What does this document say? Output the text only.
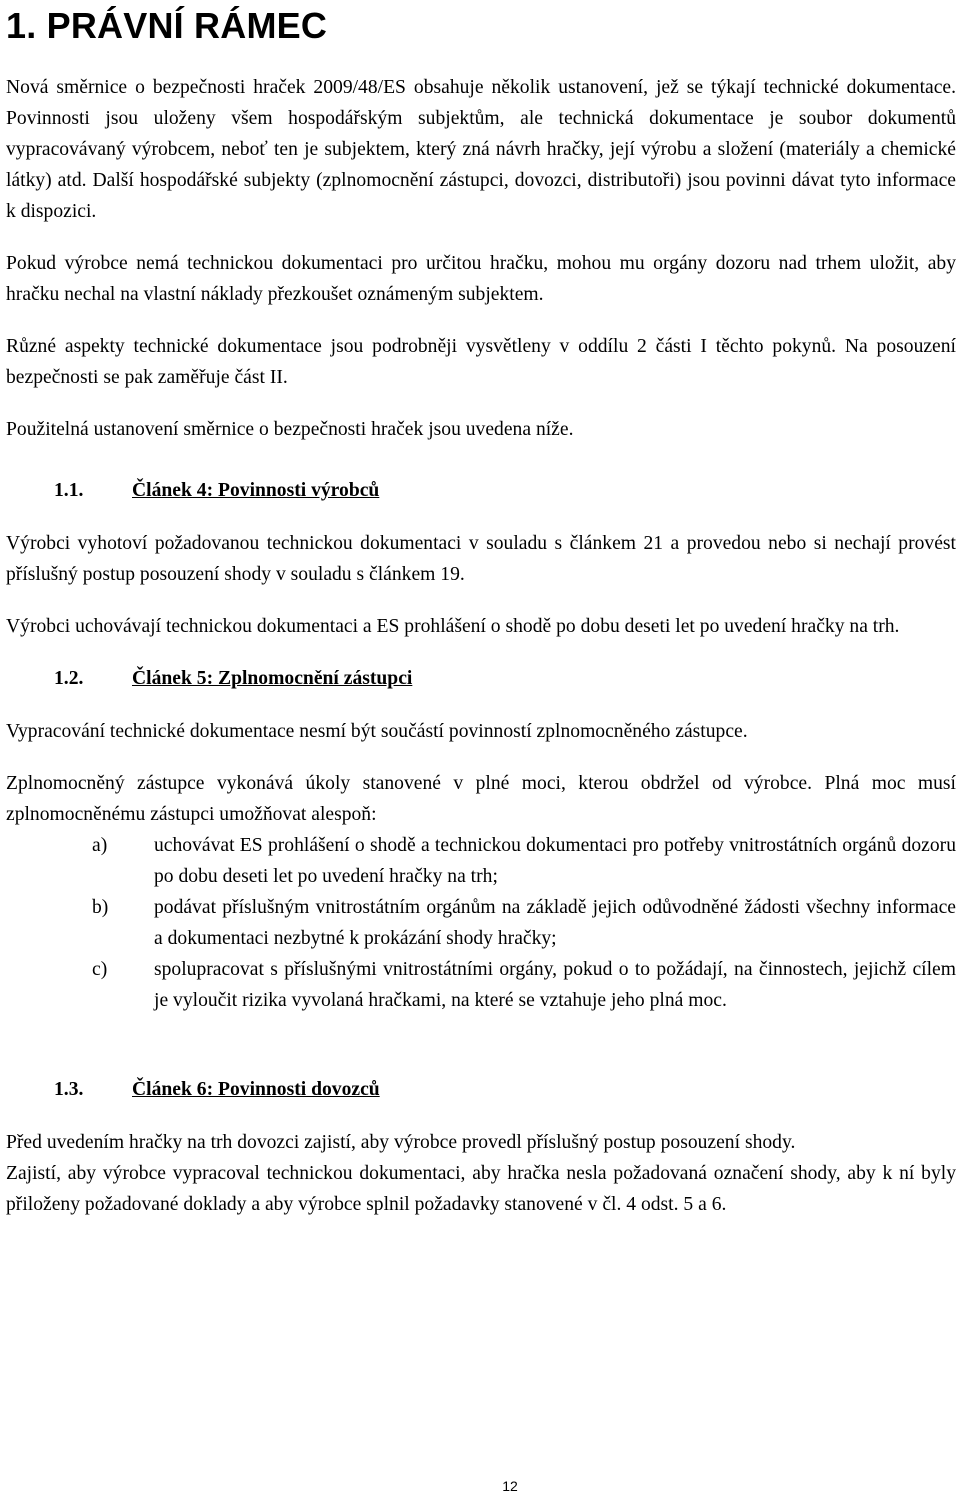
1. PRÁVNÍ RÁMEC

Nová směrnice o bezpečnosti hraček 2009/48/ES obsahuje několik ustanovení, jež se týkají technické dokumentace. Povinnosti jsou uloženy všem hospodářským subjektům, ale technická dokumentace je soubor dokumentů vypracovávaný výrobcem, neboť ten je subjektem, který zná návrh hračky, její výrobu a složení (materiály a chemické látky) atd. Další hospodářské subjekty (zplnomocnění zástupci, dovozci, distributoři) jsou povinni dávat tyto informace k dispozici.

Pokud výrobce nemá technickou dokumentaci pro určitou hračku, mohou mu orgány dozoru nad trhem uložit, aby hračku nechal na vlastní náklady přezkoušet oznámeným subjektem.

Různé aspekty technické dokumentace jsou podrobněji vysvětleny v oddílu 2 části I těchto pokynů. Na posouzení bezpečnosti se pak zaměřuje část II.

Použitelná ustanovení směrnice o bezpečnosti hraček jsou uvedena níže.

1.1.	Článek 4: Povinnosti výrobců

Výrobci vyhotoví požadovanou technickou dokumentaci v souladu s článkem 21 a provedou nebo si nechají provést příslušný postup posouzení shody v souladu s článkem 19.

Výrobci uchovávají technickou dokumentaci a ES prohlášení o shodě po dobu deseti let po uvedení hračky na trh.

1.2.	Článek 5: Zplnomocnění zástupci

Vypracování technické dokumentace nesmí být součástí povinností zplnomocněného zástupce.

Zplnomocněný zástupce vykonává úkoly stanovené v plné moci, kterou obdržel od výrobce. Plná moc musí zplnomocněnému zástupci umožňovat alespoň:

a)	uchovávat ES prohlášení o shodě a technickou dokumentaci pro potřeby vnitrostátních orgánů dozoru po dobu deseti let po uvedení hračky na trh;
b)	podávat příslušným vnitrostátním orgánům na základě jejich odůvodněné žádosti všechny informace a dokumentaci nezbytné k prokázání shody hračky;
c)	spolupracovat s příslušnými vnitrostátními orgány, pokud o to požádají, na činnostech, jejichž cílem je vyloučit rizika vyvolaná hračkami, na které se vztahuje jeho plná moc.
1.3.	Článek 6: Povinnosti dovozců

Před uvedením hračky na trh dovozci zajistí, aby výrobce provedl příslušný postup posouzení shody.

Zajistí, aby výrobce vypracoval technickou dokumentaci, aby hračka nesla požadovaná označení shody, aby k ní byly přiloženy požadované doklady a aby výrobce splnil požadavky stanovené v čl. 4 odst. 5 a 6.

12
